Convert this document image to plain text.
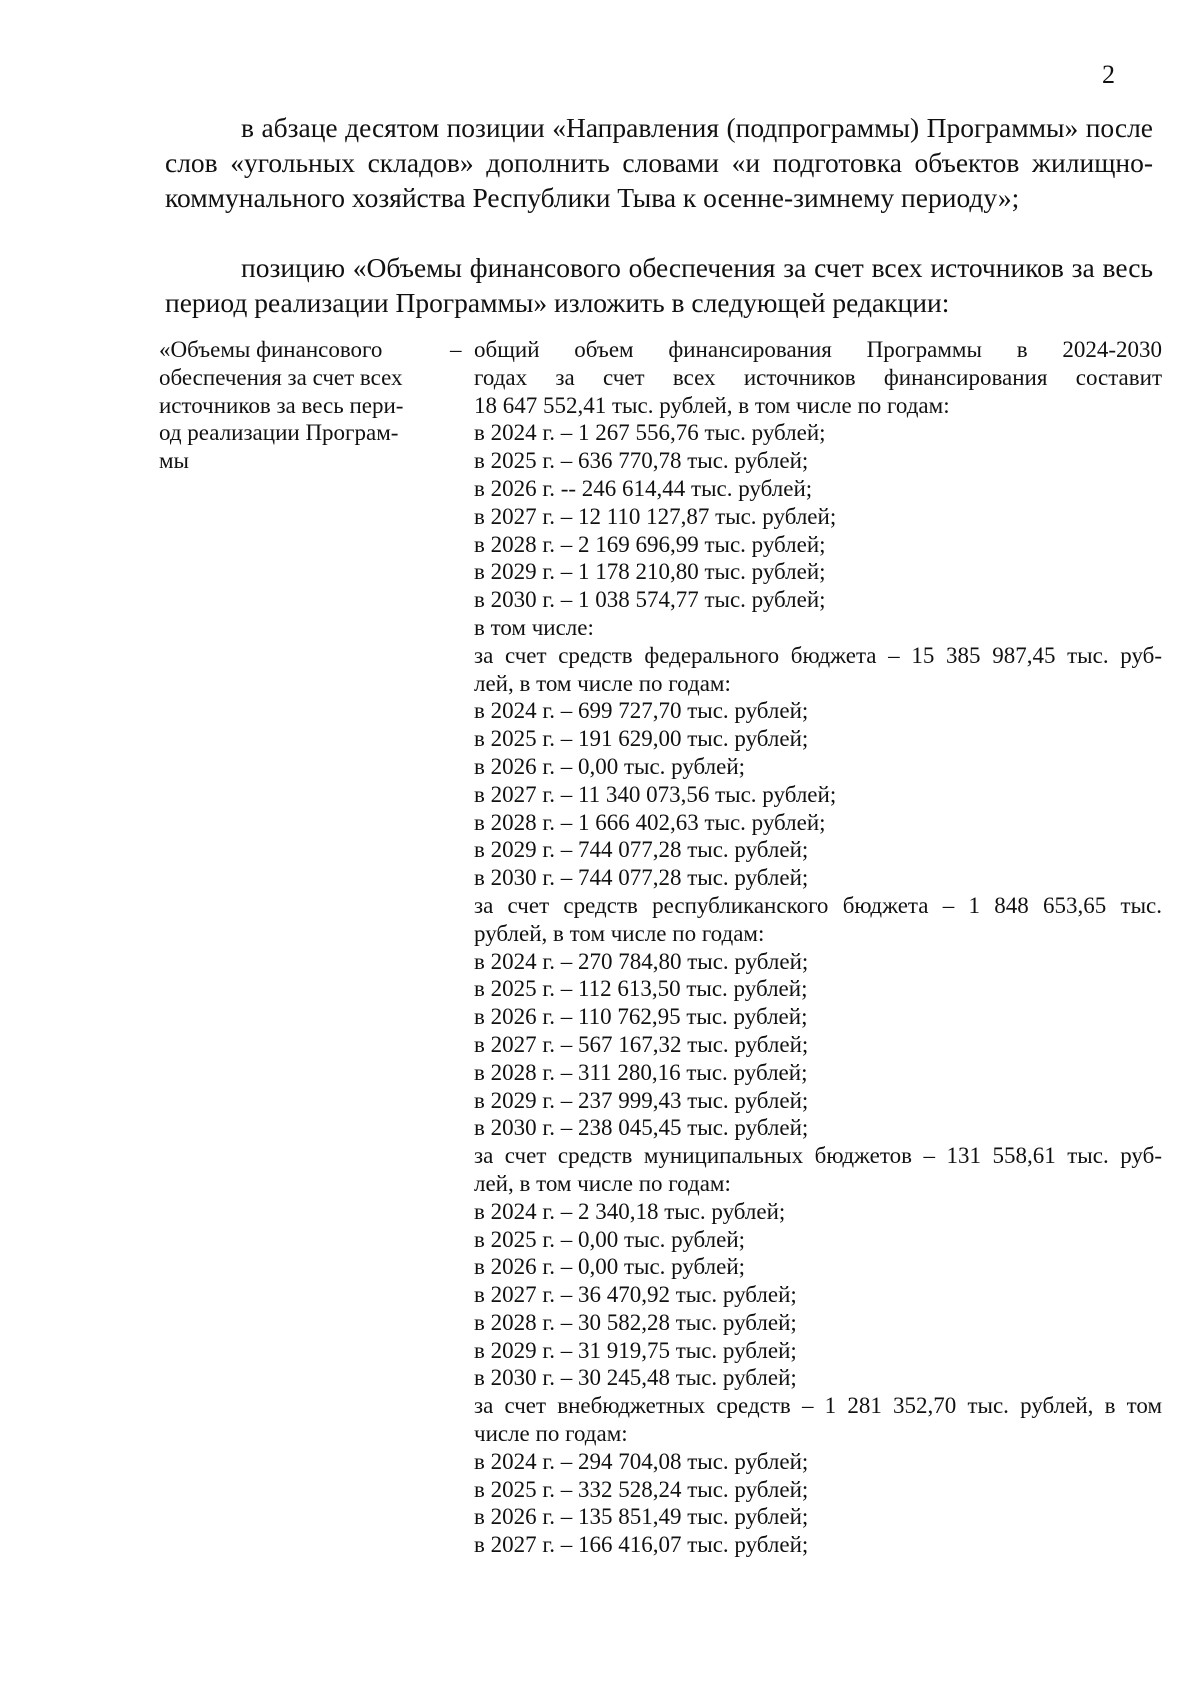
2

в абзаце десятом позиции «Направления (подпрограммы) Программы» после слов «угольных складов» дополнить словами «и подготовка объектов жилищно-коммунального хозяйства Республики Тыва к осенне-зимнему периоду»;

позицию «Объемы финансового обеспечения за счет всех источников за весь период реализации Программы» изложить в следующей редакции:

«Объемы финансового
обеспечения за счет всех
источников за весь пери-
од реализации Програм-
мы
– общий объем финансирования Программы в 2024-2030
годах за счет всех источников финансирования составит
18 647 552,41 тыс. рублей, в том числе по годам:
в 2024 г. – 1 267 556,76 тыс. рублей;
в 2025 г. – 636 770,78 тыс. рублей;
в 2026 г. -- 246 614,44 тыс. рублей;
в 2027 г. – 12 110 127,87 тыс. рублей;
в 2028 г. – 2 169 696,99 тыс. рублей;
в 2029 г. – 1 178 210,80 тыс. рублей;
в 2030 г. – 1 038 574,77 тыс. рублей;
в том числе:
за счет средств федерального бюджета – 15 385 987,45 тыс. руб-
лей, в том числе по годам:
в 2024 г. – 699 727,70 тыс. рублей;
в 2025 г. – 191 629,00 тыс. рублей;
в 2026 г. – 0,00 тыс. рублей;
в 2027 г. – 11 340 073,56 тыс. рублей;
в 2028 г. – 1 666 402,63 тыс. рублей;
в 2029 г. – 744 077,28 тыс. рублей;
в 2030 г. – 744 077,28 тыс. рублей;
за счет средств республиканского бюджета – 1 848 653,65 тыс.
рублей, в том числе по годам:
в 2024 г. – 270 784,80 тыс. рублей;
в 2025 г. – 112 613,50 тыс. рублей;
в 2026 г. – 110 762,95 тыс. рублей;
в 2027 г. – 567 167,32 тыс. рублей;
в 2028 г. – 311 280,16 тыс. рублей;
в 2029 г. – 237 999,43 тыс. рублей;
в 2030 г. – 238 045,45 тыс. рублей;
за счет средств муниципальных бюджетов – 131 558,61 тыс. руб-
лей, в том числе по годам:
в 2024 г. – 2 340,18 тыс. рублей;
в 2025 г. – 0,00 тыс. рублей;
в 2026 г. – 0,00 тыс. рублей;
в 2027 г. – 36 470,92 тыс. рублей;
в 2028 г. – 30 582,28 тыс. рублей;
в 2029 г. – 31 919,75 тыс. рублей;
в 2030 г. – 30 245,48 тыс. рублей;
за счет внебюджетных средств – 1 281 352,70 тыс. рублей, в том
числе по годам:
в 2024 г. – 294 704,08 тыс. рублей;
в 2025 г. – 332 528,24 тыс. рублей;
в 2026 г. – 135 851,49 тыс. рублей;
в 2027 г. – 166 416,07 тыс. рублей;
